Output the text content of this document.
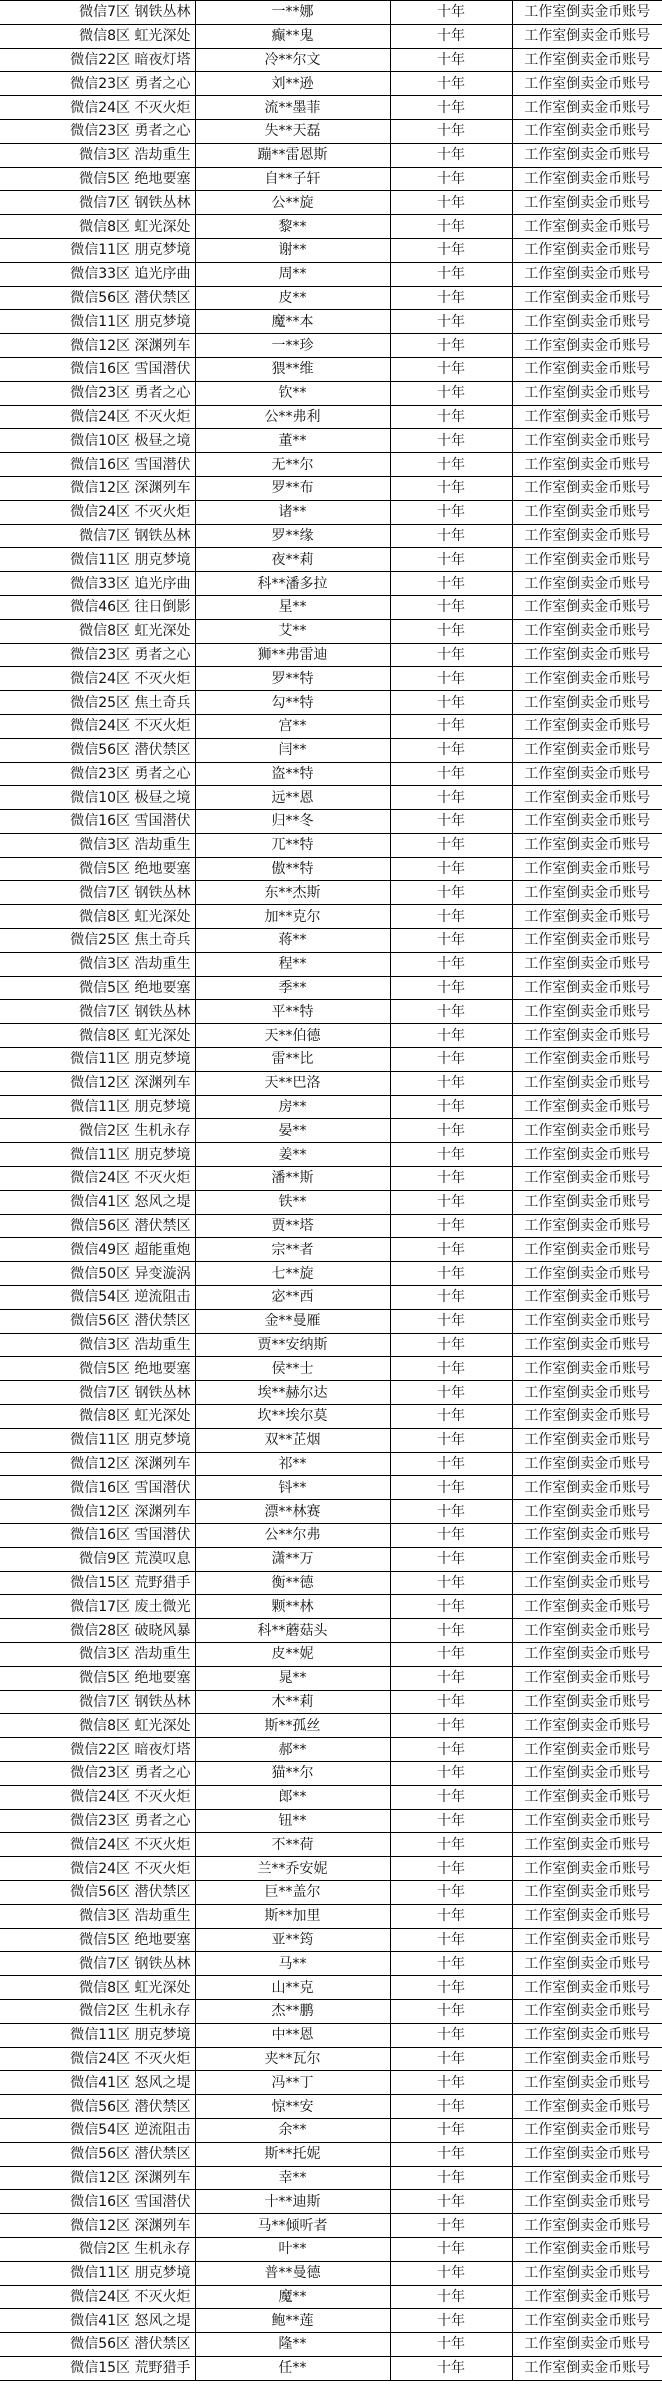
微信7区 钢铁丛林	一**娜	十年	工作室倒卖金币账号
微信8区 虹光深处	癫**鬼	十年	工作室倒卖金币账号
微信22区 暗夜灯塔	冷**尔文	十年	工作室倒卖金币账号
微信23区 勇者之心	刘**逊	十年	工作室倒卖金币账号
微信24区 不灭火炬	流**墨菲	十年	工作室倒卖金币账号
微信23区 勇者之心	失**天磊	十年	工作室倒卖金币账号
微信3区 浩劫重生	蹦**雷恩斯	十年	工作室倒卖金币账号
微信5区 绝地要塞	自**子轩	十年	工作室倒卖金币账号
微信7区 钢铁丛林	公**旋	十年	工作室倒卖金币账号
微信8区 虹光深处	黎**	十年	工作室倒卖金币账号
微信11区 朋克梦境	谢**	十年	工作室倒卖金币账号
微信33区 追光序曲	周**	十年	工作室倒卖金币账号
微信56区 潜伏禁区	皮**	十年	工作室倒卖金币账号
微信11区 朋克梦境	魔**本	十年	工作室倒卖金币账号
微信12区 深渊列车	一**珍	十年	工作室倒卖金币账号
微信16区 雪国潜伏	猥**维	十年	工作室倒卖金币账号
微信23区 勇者之心	钦**	十年	工作室倒卖金币账号
微信24区 不灭火炬	公**弗利	十年	工作室倒卖金币账号
微信10区 极昼之境	董**	十年	工作室倒卖金币账号
微信16区 雪国潜伏	无**尔	十年	工作室倒卖金币账号
微信12区 深渊列车	罗**布	十年	工作室倒卖金币账号
微信24区 不灭火炬	诸**	十年	工作室倒卖金币账号
微信7区 钢铁丛林	罗**缘	十年	工作室倒卖金币账号
微信11区 朋克梦境	夜**莉	十年	工作室倒卖金币账号
微信33区 追光序曲	科**潘多拉	十年	工作室倒卖金币账号
微信46区 往日倒影	星**	十年	工作室倒卖金币账号
微信8区 虹光深处	艾**	十年	工作室倒卖金币账号
微信23区 勇者之心	狮**弗雷迪	十年	工作室倒卖金币账号
微信24区 不灭火炬	罗**特	十年	工作室倒卖金币账号
微信25区 焦土奇兵	勾**特	十年	工作室倒卖金币账号
微信24区 不灭火炬	宫**	十年	工作室倒卖金币账号
微信56区 潜伏禁区	闫**	十年	工作室倒卖金币账号
微信23区 勇者之心	盗**特	十年	工作室倒卖金币账号
微信10区 极昼之境	远**恩	十年	工作室倒卖金币账号
微信16区 雪国潜伏	归**冬	十年	工作室倒卖金币账号
微信3区 浩劫重生	兀**特	十年	工作室倒卖金币账号
微信5区 绝地要塞	傲**特	十年	工作室倒卖金币账号
微信7区 钢铁丛林	东**杰斯	十年	工作室倒卖金币账号
微信8区 虹光深处	加**克尔	十年	工作室倒卖金币账号
微信25区 焦土奇兵	蒋**	十年	工作室倒卖金币账号
微信3区 浩劫重生	程**	十年	工作室倒卖金币账号
微信5区 绝地要塞	季**	十年	工作室倒卖金币账号
微信7区 钢铁丛林	平**特	十年	工作室倒卖金币账号
微信8区 虹光深处	天**伯德	十年	工作室倒卖金币账号
微信11区 朋克梦境	雷**比	十年	工作室倒卖金币账号
微信12区 深渊列车	天**巴洛	十年	工作室倒卖金币账号
微信11区 朋克梦境	房**	十年	工作室倒卖金币账号
微信2区 生机永存	晏**	十年	工作室倒卖金币账号
微信11区 朋克梦境	姜**	十年	工作室倒卖金币账号
微信24区 不灭火炬	潘**斯	十年	工作室倒卖金币账号
微信41区 怒风之堤	铁**	十年	工作室倒卖金币账号
微信56区 潜伏禁区	贾**塔	十年	工作室倒卖金币账号
微信49区 超能重炮	宗**者	十年	工作室倒卖金币账号
微信50区 异变漩涡	七**旋	十年	工作室倒卖金币账号
微信54区 逆流阻击	宓**西	十年	工作室倒卖金币账号
微信56区 潜伏禁区	金**曼雁	十年	工作室倒卖金币账号
微信3区 浩劫重生	贾**安纳斯	十年	工作室倒卖金币账号
微信5区 绝地要塞	侯**士	十年	工作室倒卖金币账号
微信7区 钢铁丛林	埃**赫尔达	十年	工作室倒卖金币账号
微信8区 虹光深处	坎**埃尔莫	十年	工作室倒卖金币账号
微信11区 朋克梦境	双**芷烟	十年	工作室倒卖金币账号
微信12区 深渊列车	祁**	十年	工作室倒卖金币账号
微信16区 雪国潜伏	钭**	十年	工作室倒卖金币账号
微信12区 深渊列车	漂**林赛	十年	工作室倒卖金币账号
微信16区 雪国潜伏	公**尔弗	十年	工作室倒卖金币账号
微信9区 荒漠叹息	潇**万	十年	工作室倒卖金币账号
微信15区 荒野猎手	衡**德	十年	工作室倒卖金币账号
微信17区 废土微光	颗**林	十年	工作室倒卖金币账号
微信28区 破晓风暴	科**蘑菇头	十年	工作室倒卖金币账号
微信3区 浩劫重生	皮**妮	十年	工作室倒卖金币账号
微信5区 绝地要塞	晁**	十年	工作室倒卖金币账号
微信7区 钢铁丛林	木**莉	十年	工作室倒卖金币账号
微信8区 虹光深处	斯**孤丝	十年	工作室倒卖金币账号
微信22区 暗夜灯塔	郝**	十年	工作室倒卖金币账号
微信23区 勇者之心	猫**尔	十年	工作室倒卖金币账号
微信24区 不灭火炬	郎**	十年	工作室倒卖金币账号
微信23区 勇者之心	钮**	十年	工作室倒卖金币账号
微信24区 不灭火炬	不**荷	十年	工作室倒卖金币账号
微信24区 不灭火炬	兰**乔安妮	十年	工作室倒卖金币账号
微信56区 潜伏禁区	巨**盖尔	十年	工作室倒卖金币账号
微信3区 浩劫重生	斯**加里	十年	工作室倒卖金币账号
微信5区 绝地要塞	亚**筠	十年	工作室倒卖金币账号
微信7区 钢铁丛林	马**	十年	工作室倒卖金币账号
微信8区 虹光深处	山**克	十年	工作室倒卖金币账号
微信2区 生机永存	杰**鹏	十年	工作室倒卖金币账号
微信11区 朋克梦境	中**恩	十年	工作室倒卖金币账号
微信24区 不灭火炬	夹**瓦尔	十年	工作室倒卖金币账号
微信41区 怒风之堤	冯**丁	十年	工作室倒卖金币账号
微信56区 潜伏禁区	惊**安	十年	工作室倒卖金币账号
微信54区 逆流阻击	余**	十年	工作室倒卖金币账号
微信56区 潜伏禁区	斯**托妮	十年	工作室倒卖金币账号
微信12区 深渊列车	幸**	十年	工作室倒卖金币账号
微信16区 雪国潜伏	十**迪斯	十年	工作室倒卖金币账号
微信12区 深渊列车	马**倾听者	十年	工作室倒卖金币账号
微信2区 生机永存	叶**	十年	工作室倒卖金币账号
微信11区 朋克梦境	普**曼德	十年	工作室倒卖金币账号
微信24区 不灭火炬	魔**	十年	工作室倒卖金币账号
微信41区 怒风之堤	鲍**莲	十年	工作室倒卖金币账号
微信56区 潜伏禁区	隆**	十年	工作室倒卖金币账号
微信15区 荒野猎手	任**	十年	工作室倒卖金币账号
